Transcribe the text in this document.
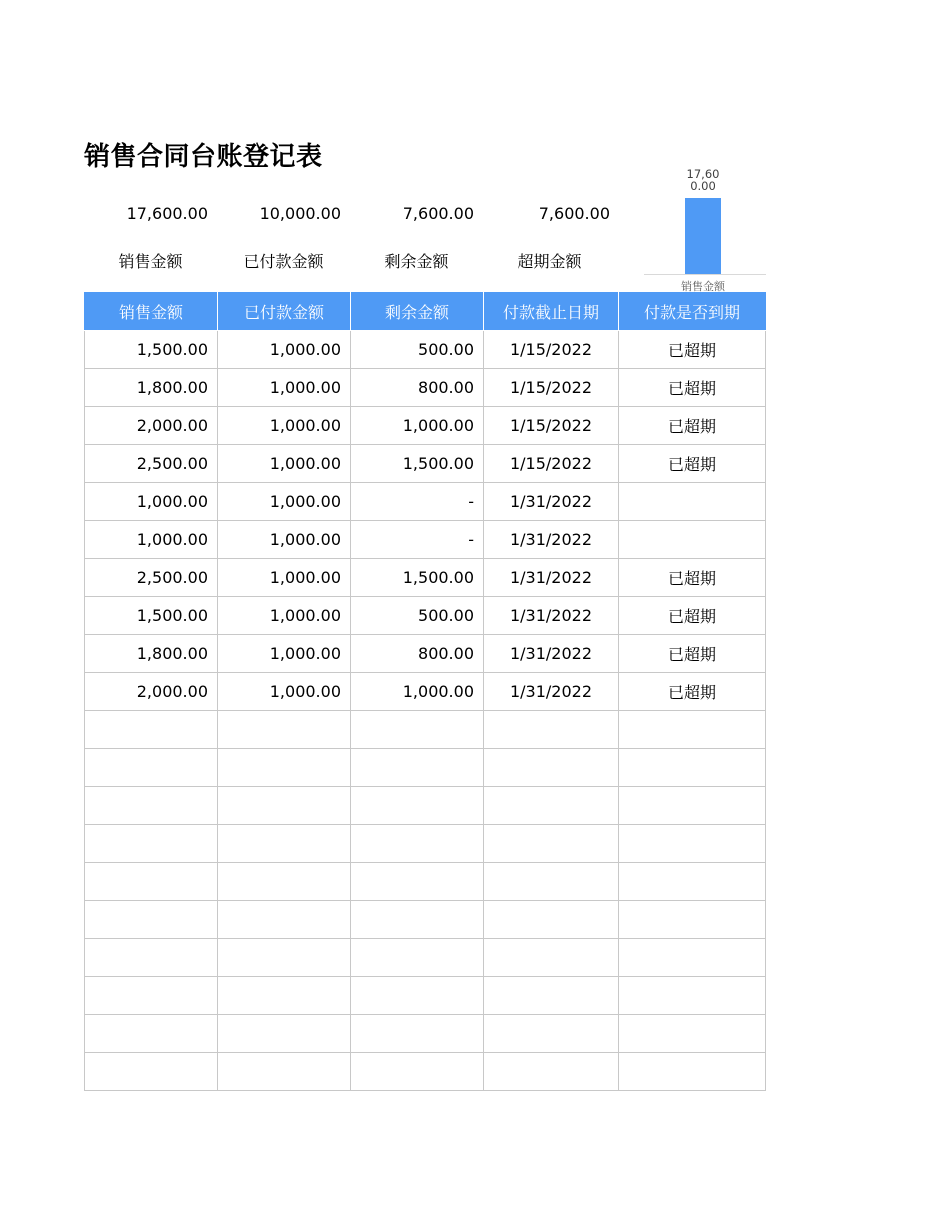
销售合同台账登记表
17,600.00	10,000.00	7,600.00	7,600.00
销售金额	已付款金额	剩余金额	超期金额
17,60
0.00
销售金额
销售金额	已付款金额	剩余金额	付款截止日期	付款是否到期
1,500.00	1,000.00	500.00	1/15/2022	已超期
1,800.00	1,000.00	800.00	1/15/2022	已超期
2,000.00	1,000.00	1,000.00	1/15/2022	已超期
2,500.00	1,000.00	1,500.00	1/15/2022	已超期
1,000.00	1,000.00	-	1/31/2022	
1,000.00	1,000.00	-	1/31/2022	
2,500.00	1,000.00	1,500.00	1/31/2022	已超期
1,500.00	1,000.00	500.00	1/31/2022	已超期
1,800.00	1,000.00	800.00	1/31/2022	已超期
2,000.00	1,000.00	1,000.00	1/31/2022	已超期
